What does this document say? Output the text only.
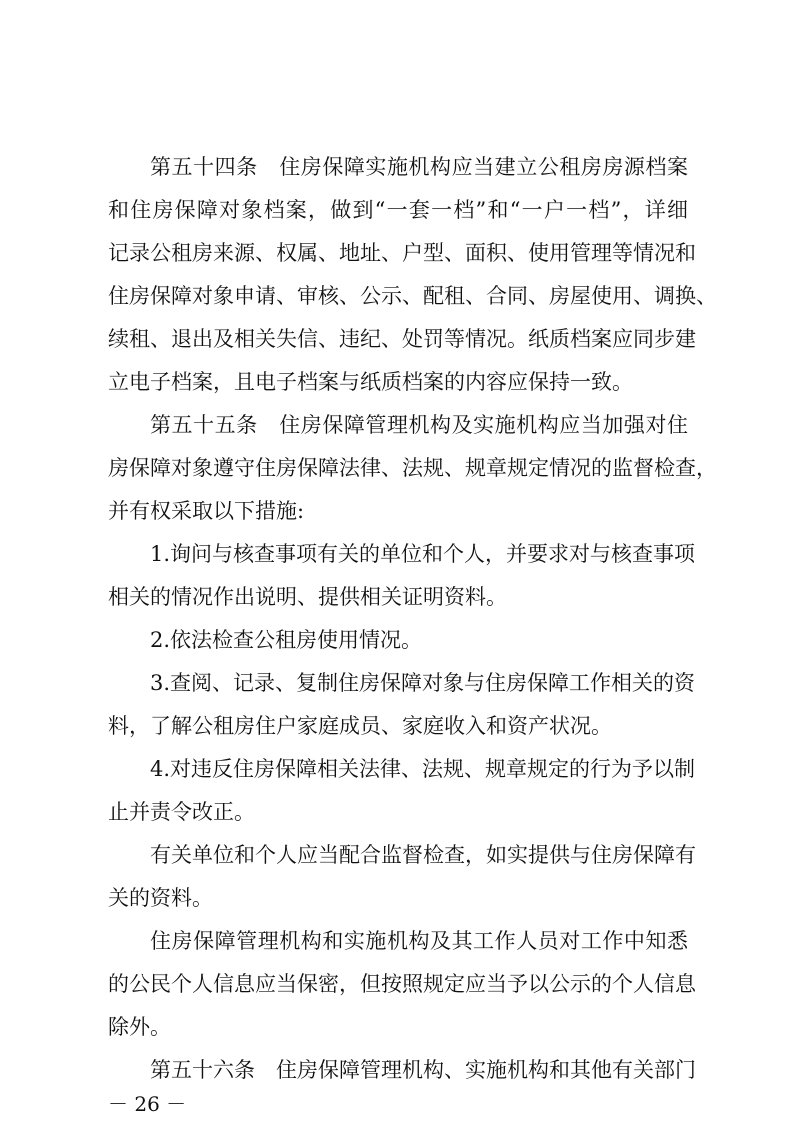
第五十四条　住房保障实施机构应当建立公租房房源档案
和住房保障对象档案，做到“一套一档”和“一户一档”，详细
记录公租房来源、权属、地址、户型、面积、使用管理等情况和
住房保障对象申请、审核、公示、配租、合同、房屋使用、调换、
续租、退出及相关失信、违纪、处罚等情况。纸质档案应同步建
立电子档案，且电子档案与纸质档案的内容应保持一致。
第五十五条　住房保障管理机构及实施机构应当加强对住
房保障对象遵守住房保障法律、法规、规章规定情况的监督检查，
并有权采取以下措施:
1.询问与核查事项有关的单位和个人，并要求对与核查事项
相关的情况作出说明、提供相关证明资料。
2.依法检查公租房使用情况。
3.查阅、记录、复制住房保障对象与住房保障工作相关的资
料，了解公租房住户家庭成员、家庭收入和资产状况。
4.对违反住房保障相关法律、法规、规章规定的行为予以制
止并责令改正。
有关单位和个人应当配合监督检查，如实提供与住房保障有
关的资料。
住房保障管理机构和实施机构及其工作人员对工作中知悉
的公民个人信息应当保密，但按照规定应当予以公示的个人信息
除外。
第五十六条　住房保障管理机构、实施机构和其他有关部门
－ 26 －
